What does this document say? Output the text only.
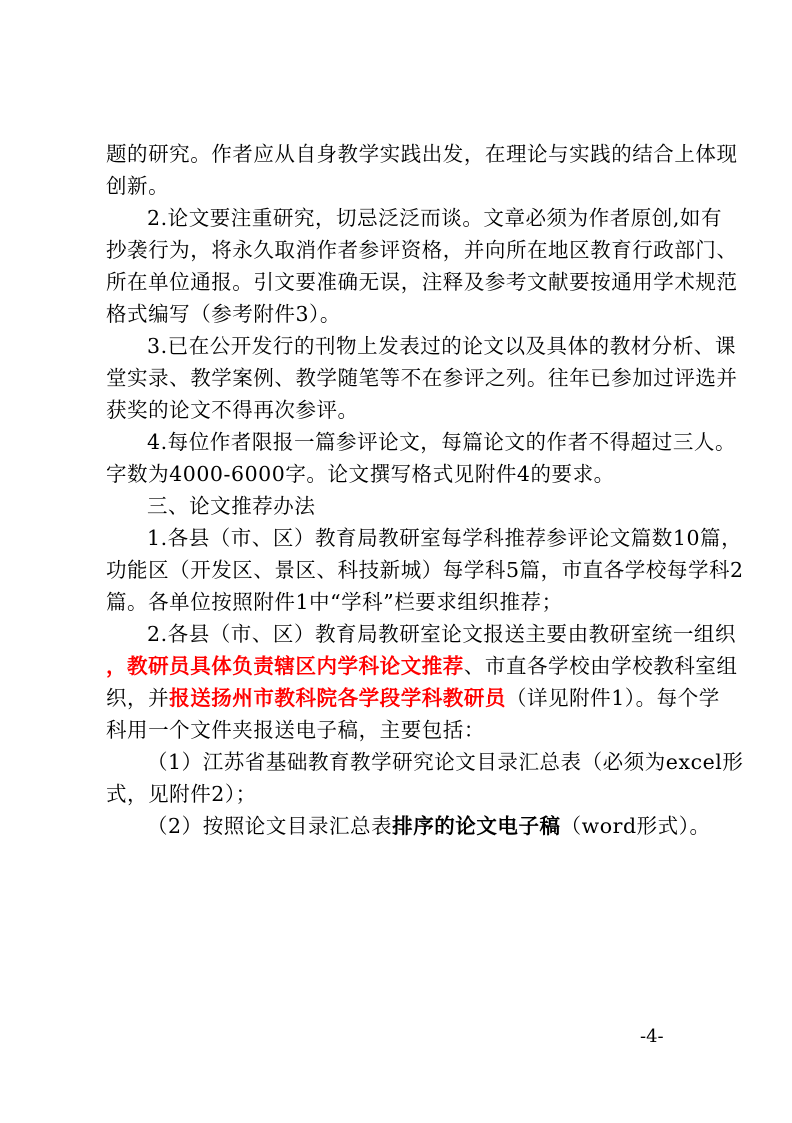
题的研究。作者应从自身教学实践出发，在理论与实践的结合上体现
创新。
2.论文要注重研究，切忌泛泛而谈。文章必须为作者原创,如有
抄袭行为，将永久取消作者参评资格，并向所在地区教育行政部门、
所在单位通报。引文要准确无误，注释及参考文献要按通用学术规范
格式编写（参考附件3）。
3.已在公开发行的刊物上发表过的论文以及具体的教材分析、课
堂实录、教学案例、教学随笔等不在参评之列。往年已参加过评选并
获奖的论文不得再次参评。
4.每位作者限报一篇参评论文，每篇论文的作者不得超过三人。
字数为4000-6000字。论文撰写格式见附件4的要求。
三、论文推荐办法
1.各县（市、区）教育局教研室每学科推荐参评论文篇数10篇，
功能区（开发区、景区、科技新城）每学科5篇，市直各学校每学科2
篇。各单位按照附件1中“学科”栏要求组织推荐；
2.各县（市、区）教育局教研室论文报送主要由教研室统一组织
，教研员具体负责辖区内学科论文推荐、市直各学校由学校教科室组
织，并报送扬州市教科院各学段学科教研员（详见附件1）。每个学
科用一个文件夹报送电子稿，主要包括：
（1）江苏省基础教育教学研究论文目录汇总表（必须为excel形
式，见附件2）；
（2）按照论文目录汇总表排序的论文电子稿（word形式）。
-4-
